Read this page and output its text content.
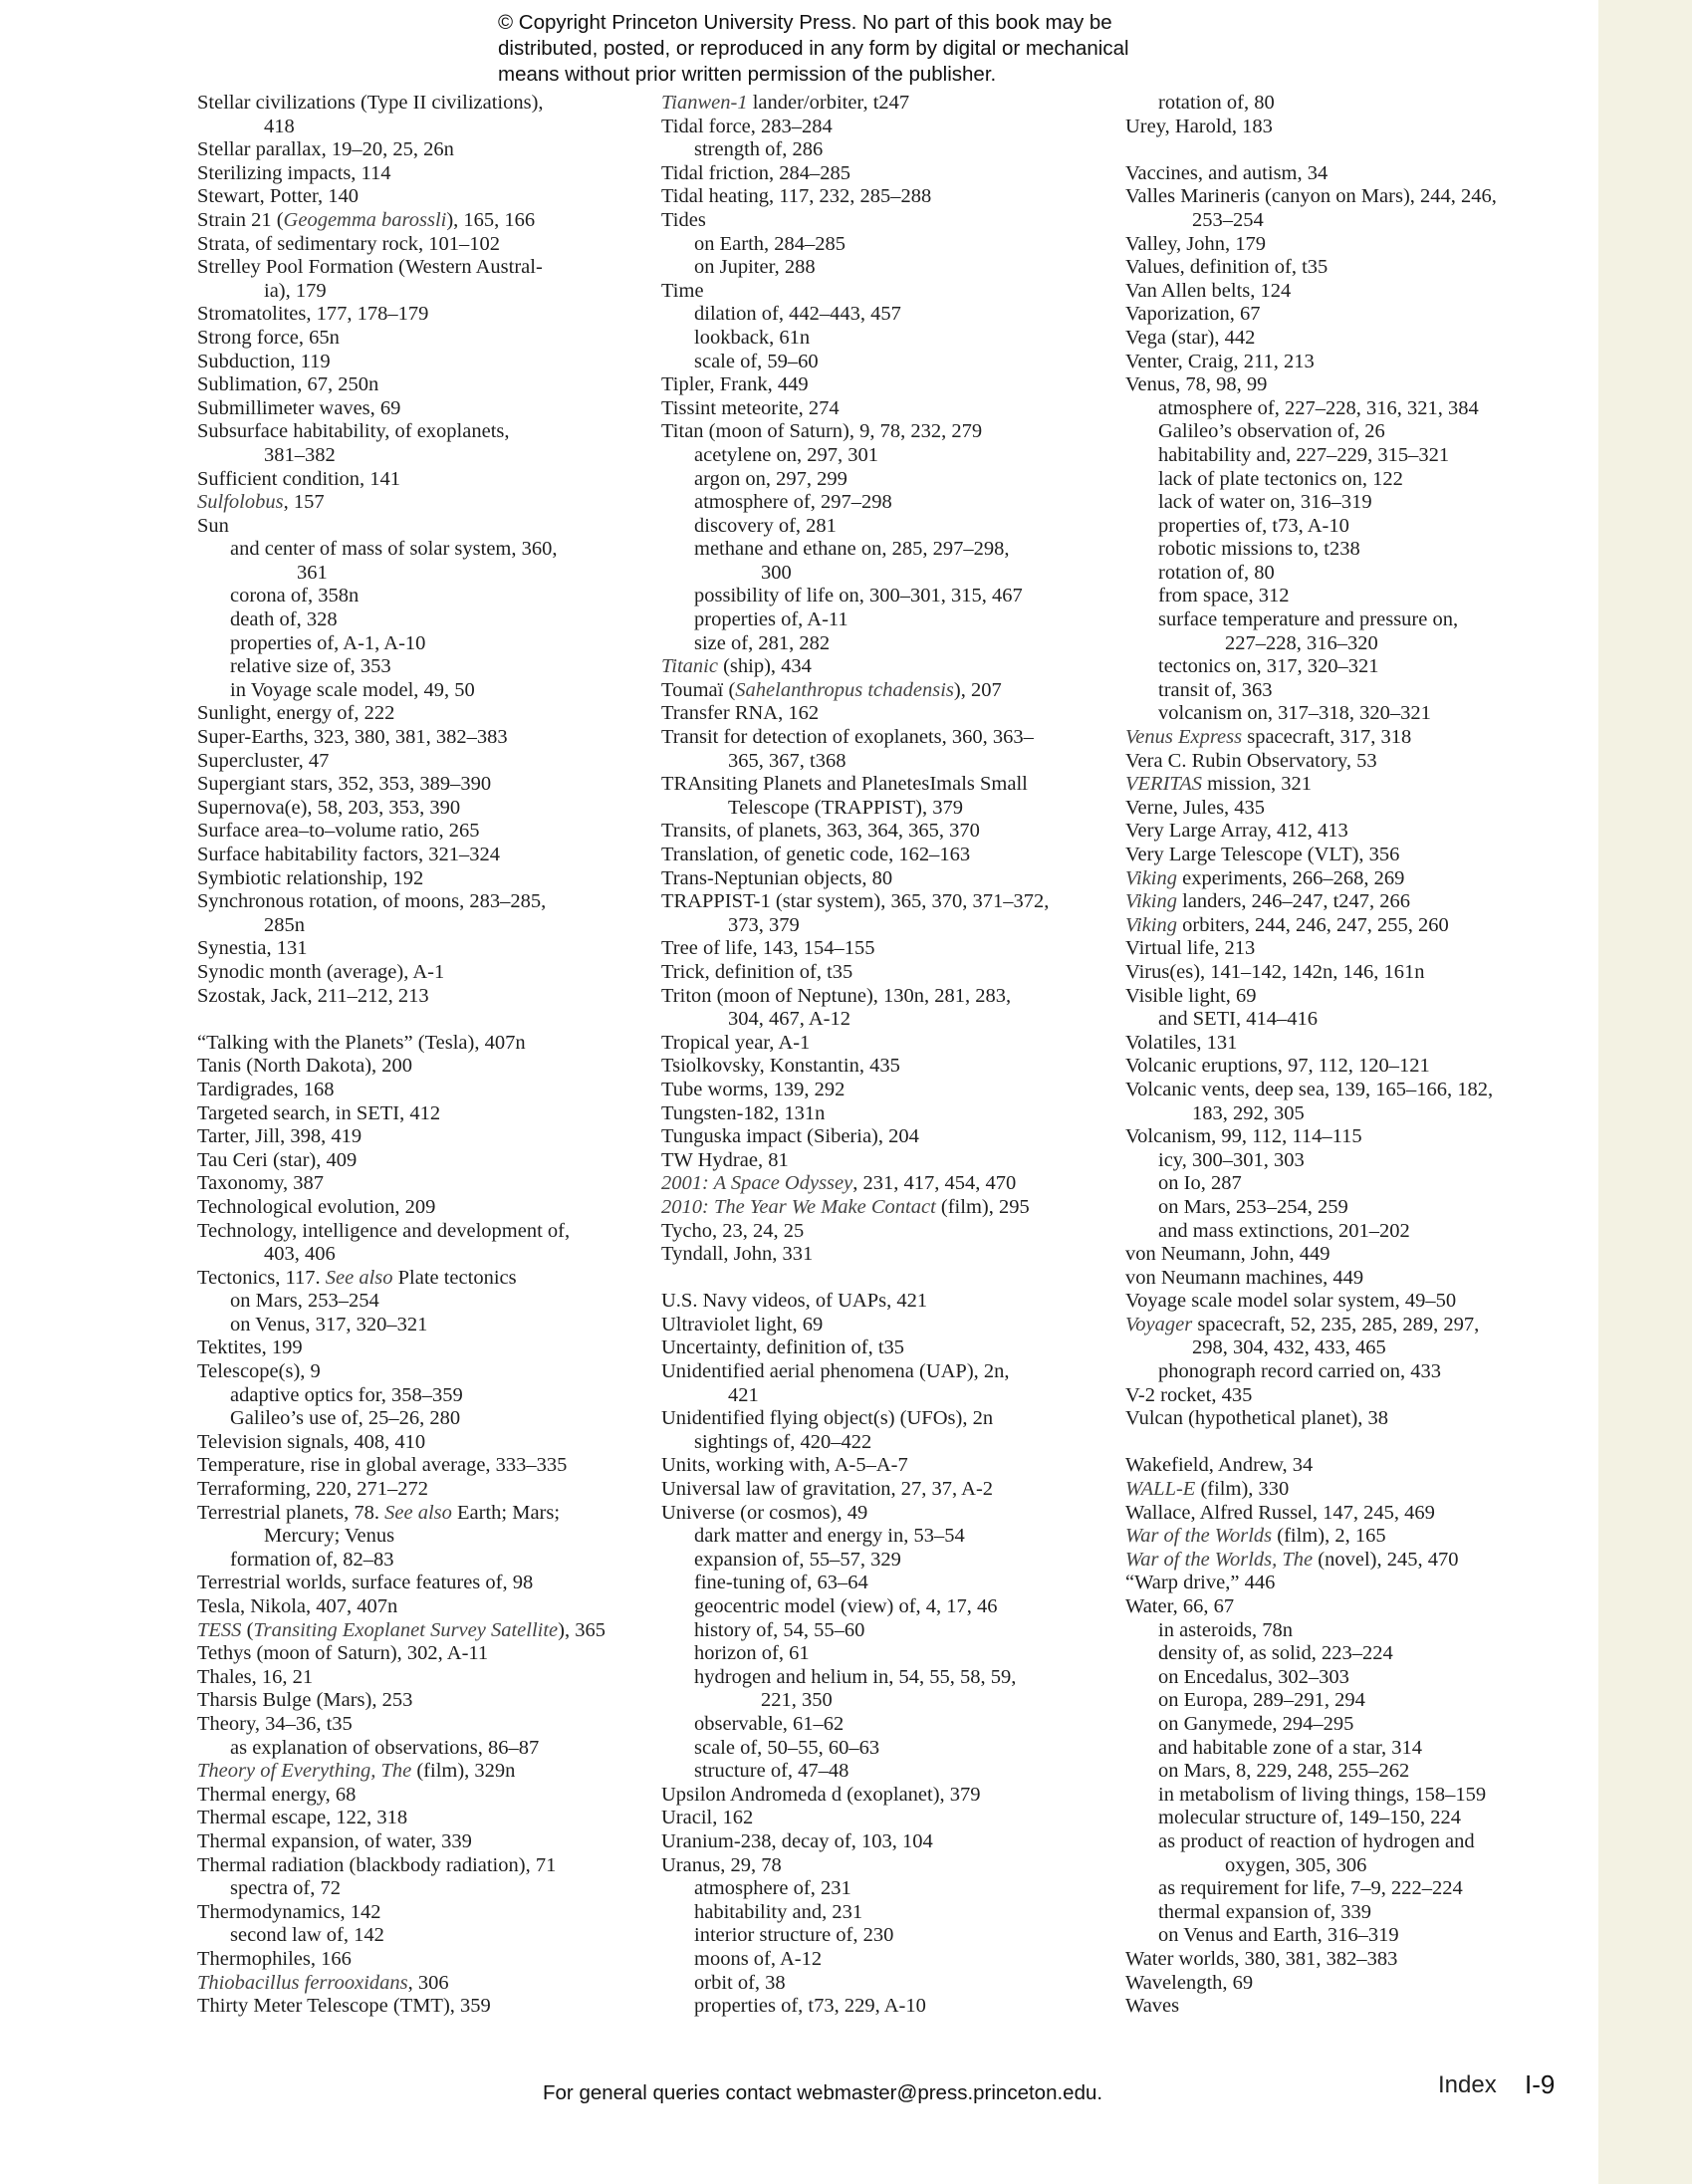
© Copyright Princeton University Press. No part of this book may be
distributed, posted, or reproduced in any form by digital or mechanical
means without prior written permission of the publisher.
Stellar civilizations (Type II civilizations),
418
Stellar parallax, 19–20, 25, 26n
Sterilizing impacts, 114
Stewart, Potter, 140
Strain 21 (Geogemma barossli), 165, 166
Strata, of sedimentary rock, 101–102
Strelley Pool Formation (Western Austral-
ia), 179
Stromatolites, 177, 178–179
Strong force, 65n
Subduction, 119
Sublimation, 67, 250n
Submillimeter waves, 69
Subsurface habitability, of exoplanets,
381–382
Sufficient condition, 141
Sulfolobus, 157
Sun
and center of mass of solar system, 360,
361
corona of, 358n
death of, 328
properties of, A-1, A-10
relative size of, 353
in Voyage scale model, 49, 50
Sunlight, energy of, 222
Super-Earths, 323, 380, 381, 382–383
Supercluster, 47
Supergiant stars, 352, 353, 389–390
Supernova(e), 58, 203, 353, 390
Surface area–to–volume ratio, 265
Surface habitability factors, 321–324
Symbiotic relationship, 192
Synchronous rotation, of moons, 283–285,
285n
Synestia, 131
Synodic month (average), A-1
Szostak, Jack, 211–212, 213
“Talking with the Planets” (Tesla), 407n
Tanis (North Dakota), 200
Tardigrades, 168
Targeted search, in SETI, 412
Tarter, Jill, 398, 419
Tau Ceri (star), 409
Taxonomy, 387
Technological evolution, 209
Technology, intelligence and development of,
403, 406
Tectonics, 117. See also Plate tectonics
on Mars, 253–254
on Venus, 317, 320–321
Tektites, 199
Telescope(s), 9
adaptive optics for, 358–359
Galileo’s use of, 25–26, 280
Television signals, 408, 410
Temperature, rise in global average, 333–335
Terraforming, 220, 271–272
Terrestrial planets, 78. See also Earth; Mars;
Mercury; Venus
formation of, 82–83
Terrestrial worlds, surface features of, 98
Tesla, Nikola, 407, 407n
TESS (Transiting Exoplanet Survey Satellite), 365
Tethys (moon of Saturn), 302, A-11
Thales, 16, 21
Tharsis Bulge (Mars), 253
Theory, 34–36, t35
as explanation of observations, 86–87
Theory of Everything, The (film), 329n
Thermal energy, 68
Thermal escape, 122, 318
Thermal expansion, of water, 339
Thermal radiation (blackbody radiation), 71
spectra of, 72
Thermodynamics, 142
second law of, 142
Thermophiles, 166
Thiobacillus ferrooxidans, 306
Thirty Meter Telescope (TMT), 359
Tianwen-1 lander/orbiter, t247
Tidal force, 283–284
strength of, 286
Tidal friction, 284–285
Tidal heating, 117, 232, 285–288
Tides
on Earth, 284–285
on Jupiter, 288
Time
dilation of, 442–443, 457
lookback, 61n
scale of, 59–60
Tipler, Frank, 449
Tissint meteorite, 274
Titan (moon of Saturn), 9, 78, 232, 279
acetylene on, 297, 301
argon on, 297, 299
atmosphere of, 297–298
discovery of, 281
methane and ethane on, 285, 297–298,
300
possibility of life on, 300–301, 315, 467
properties of, A-11
size of, 281, 282
Titanic (ship), 434
Toumaï (Sahelanthropus tchadensis), 207
Transfer RNA, 162
Transit for detection of exoplanets, 360, 363–
365, 367, t368
TRAnsiting Planets and PlanetesImals Small
Telescope (TRAPPIST), 379
Transits, of planets, 363, 364, 365, 370
Translation, of genetic code, 162–163
Trans-Neptunian objects, 80
TRAPPIST-1 (star system), 365, 370, 371–372,
373, 379
Tree of life, 143, 154–155
Trick, definition of, t35
Triton (moon of Neptune), 130n, 281, 283,
304, 467, A-12
Tropical year, A-1
Tsiolkovsky, Konstantin, 435
Tube worms, 139, 292
Tungsten-182, 131n
Tunguska impact (Siberia), 204
TW Hydrae, 81
2001: A Space Odyssey, 231, 417, 454, 470
2010: The Year We Make Contact (film), 295
Tycho, 23, 24, 25
Tyndall, John, 331
U.S. Navy videos, of UAPs, 421
Ultraviolet light, 69
Uncertainty, definition of, t35
Unidentified aerial phenomena (UAP), 2n,
421
Unidentified flying object(s) (UFOs), 2n
sightings of, 420–422
Units, working with, A-5–A-7
Universal law of gravitation, 27, 37, A-2
Universe (or cosmos), 49
dark matter and energy in, 53–54
expansion of, 55–57, 329
fine-tuning of, 63–64
geocentric model (view) of, 4, 17, 46
history of, 54, 55–60
horizon of, 61
hydrogen and helium in, 54, 55, 58, 59,
221, 350
observable, 61–62
scale of, 50–55, 60–63
structure of, 47–48
Upsilon Andromeda d (exoplanet), 379
Uracil, 162
Uranium-238, decay of, 103, 104
Uranus, 29, 78
atmosphere of, 231
habitability and, 231
interior structure of, 230
moons of, A-12
orbit of, 38
properties of, t73, 229, A-10
rotation of, 80
Urey, Harold, 183
Vaccines, and autism, 34
Valles Marineris (canyon on Mars), 244, 246,
253–254
Valley, John, 179
Values, definition of, t35
Van Allen belts, 124
Vaporization, 67
Vega (star), 442
Venter, Craig, 211, 213
Venus, 78, 98, 99
atmosphere of, 227–228, 316, 321, 384
Galileo’s observation of, 26
habitability and, 227–229, 315–321
lack of plate tectonics on, 122
lack of water on, 316–319
properties of, t73, A-10
robotic missions to, t238
rotation of, 80
from space, 312
surface temperature and pressure on,
227–228, 316–320
tectonics on, 317, 320–321
transit of, 363
volcanism on, 317–318, 320–321
Venus Express spacecraft, 317, 318
Vera C. Rubin Observatory, 53
VERITAS mission, 321
Verne, Jules, 435
Very Large Array, 412, 413
Very Large Telescope (VLT), 356
Viking experiments, 266–268, 269
Viking landers, 246–247, t247, 266
Viking orbiters, 244, 246, 247, 255, 260
Virtual life, 213
Virus(es), 141–142, 142n, 146, 161n
Visible light, 69
and SETI, 414–416
Volatiles, 131
Volcanic eruptions, 97, 112, 120–121
Volcanic vents, deep sea, 139, 165–166, 182,
183, 292, 305
Volcanism, 99, 112, 114–115
icy, 300–301, 303
on Io, 287
on Mars, 253–254, 259
and mass extinctions, 201–202
von Neumann, John, 449
von Neumann machines, 449
Voyage scale model solar system, 49–50
Voyager spacecraft, 52, 235, 285, 289, 297,
298, 304, 432, 433, 465
phonograph record carried on, 433
V-2 rocket, 435
Vulcan (hypothetical planet), 38
Wakefield, Andrew, 34
WALL-E (film), 330
Wallace, Alfred Russel, 147, 245, 469
War of the Worlds (film), 2, 165
War of the Worlds, The (novel), 245, 470
“Warp drive,” 446
Water, 66, 67
in asteroids, 78n
density of, as solid, 223–224
on Encedalus, 302–303
on Europa, 289–291, 294
on Ganymede, 294–295
and habitable zone of a star, 314
on Mars, 8, 229, 248, 255–262
in metabolism of living things, 158–159
molecular structure of, 149–150, 224
as product of reaction of hydrogen and
oxygen, 305, 306
as requirement for life, 7–9, 222–224
thermal expansion of, 339
on Venus and Earth, 316–319
Water worlds, 380, 381, 382–383
Wavelength, 69
Waves
For general queries contact webmaster@press.princeton.edu.	Index I-9
